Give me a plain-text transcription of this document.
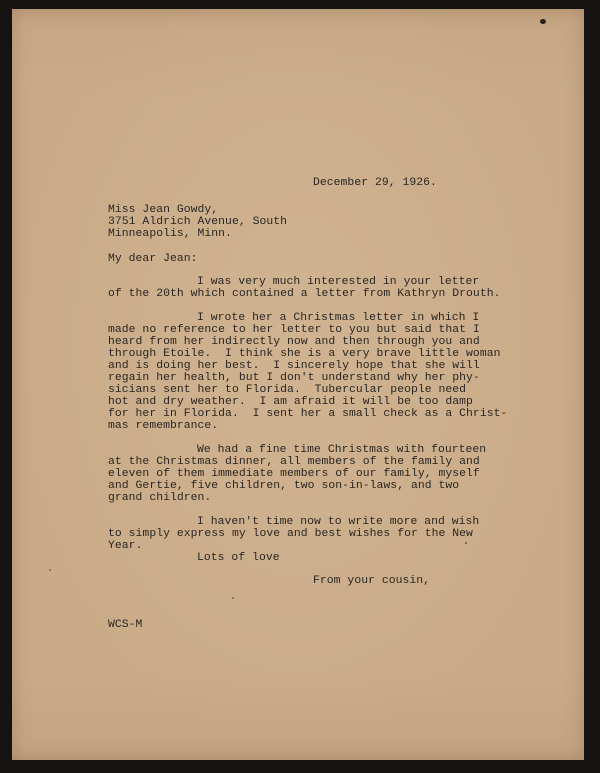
December 29, 1926.
Miss Jean Gowdy,
3751 Aldrich Avenue, South
Minneapolis, Minn.
My dear Jean:
I was very much interested in your letter
of the 20th which contained a letter from Kathryn Drouth.
I wrote her a Christmas letter in which I
made no reference to her letter to you but said that I
heard from her indirectly now and then through you and
through Etoile.  I think she is a very brave little woman
and is doing her best.  I sincerely hope that she will
regain her health, but I don't understand why her phy-
sicians sent her to Florida.  Tubercular people need
hot and dry weather.  I am afraid it will be too damp
for her in Florida.  I sent her a small check as a Christ-
mas remembrance.
We had a fine time Christmas with fourteen
at the Christmas dinner, all members of the family and
eleven of them immediate members of our family, myself
and Gertie, five children, two son-in-laws, and two
grand children.
I haven't time now to write more and wish
to simply express my love and best wishes for the New
Year.
Lots of love
From your cousin,
WCS-M
